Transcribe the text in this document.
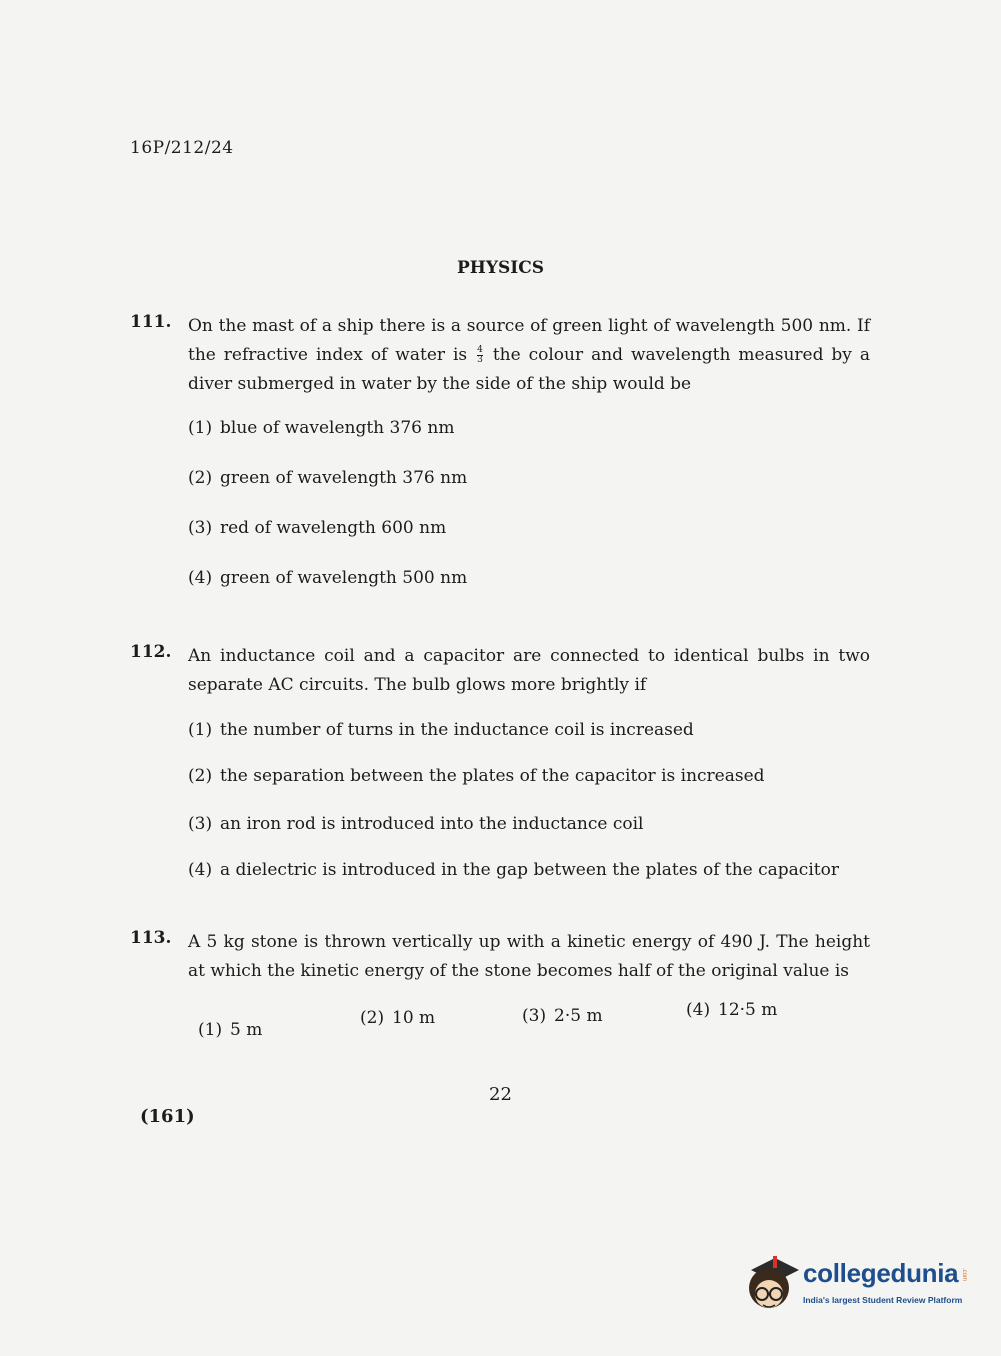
16P/212/24
PHYSICS
111. On the mast of a ship there is a source of green light of wavelength 500 nm. If the refractive index of water is $\frac{4}{3}$ the colour and wavelength measured by a diver submerged in water by the side of the ship would be
(1) blue of wavelength 376 nm
(2) green of wavelength 376 nm
(3) red of wavelength 600 nm
(4) green of wavelength 500 nm
112. An inductance coil and a capacitor are connected to identical bulbs in two separate AC circuits. The bulb glows more brightly if
(1) the number of turns in the inductance coil is increased
(2) the separation between the plates of the capacitor is increased
(3) an iron rod is introduced into the inductance coil
(4) a dielectric is introduced in the gap between the plates of the capacitor
113. A 5 kg stone is thrown vertically up with a kinetic energy of 490 J. The height at which the kinetic energy of the stone becomes half of the original value is
(1) 5 m
(2) 10 m	(3) 2·5 m	(4) 12·5 m
22
(161)
collegedunia .com
India's largest Student Review Platform
